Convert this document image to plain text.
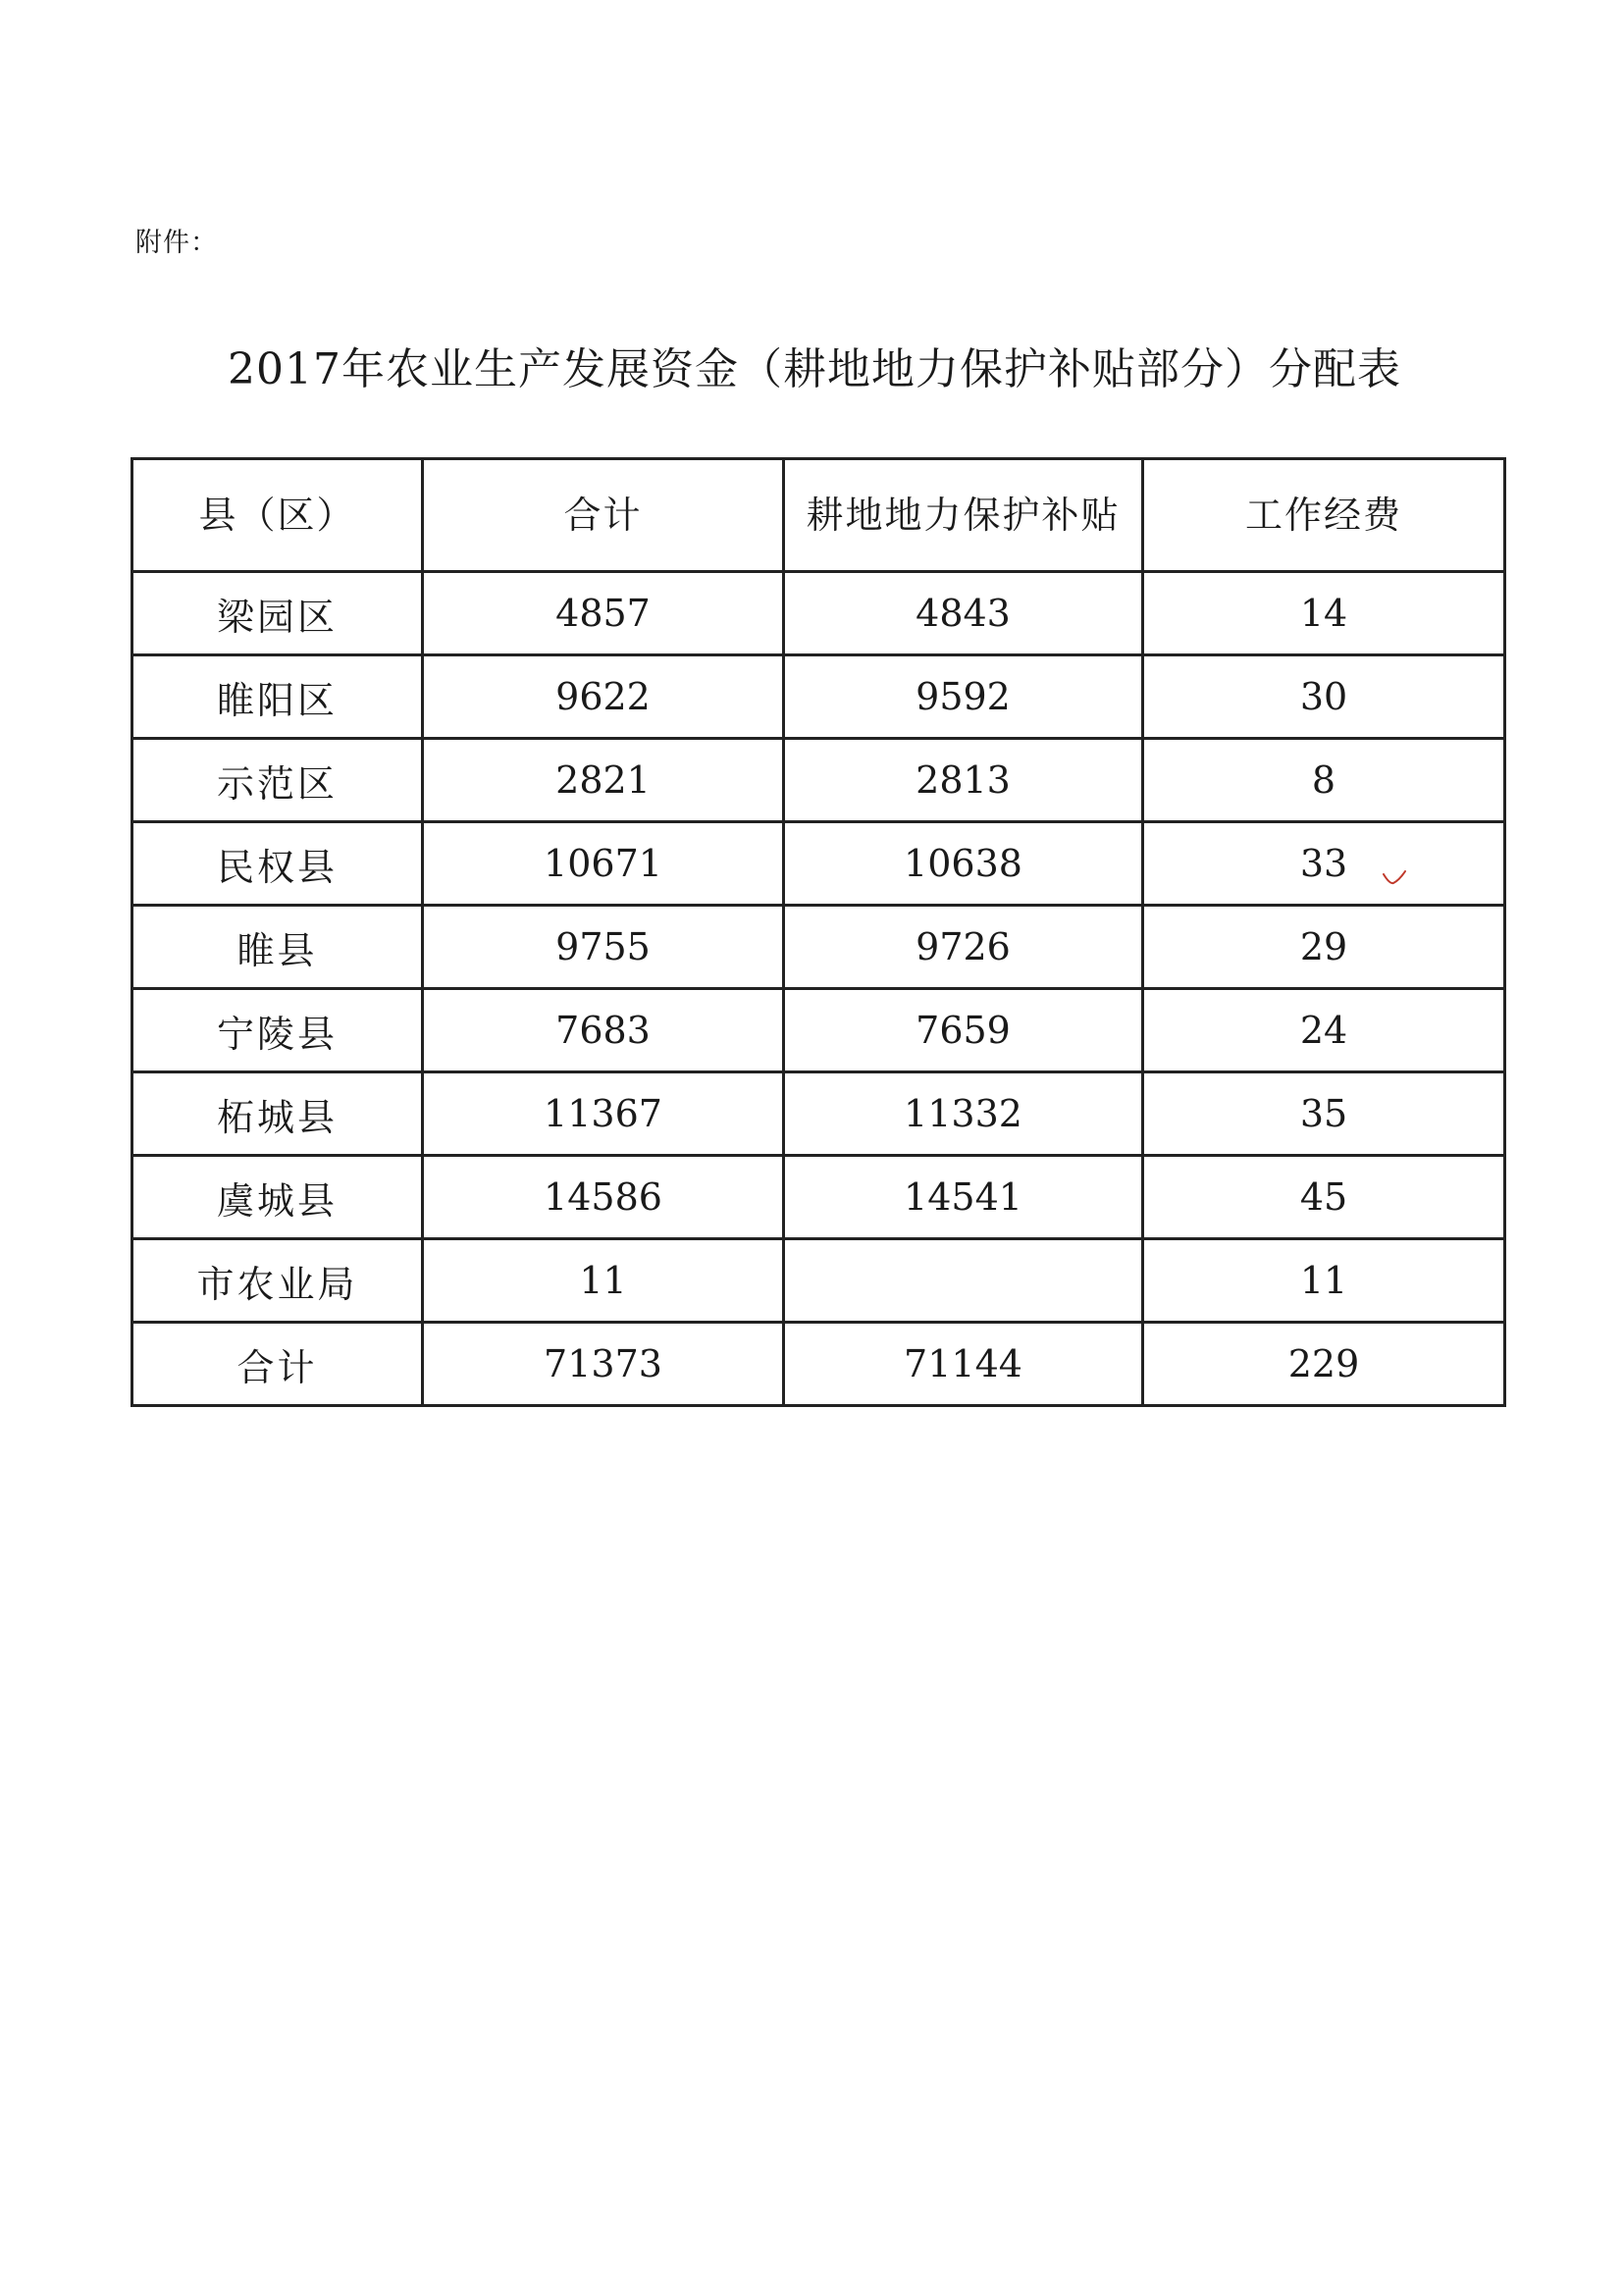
附件：
2017年农业生产发展资金（耕地地力保护补贴部分）分配表
县（区）	合计	耕地地力保护补贴	工作经费
梁园区	4857	4843	14
睢阳区	9622	9592	30
示范区	2821	2813	8
民权县	10671	10638	33
睢县	9755	9726	29
宁陵县	7683	7659	24
柘城县	11367	11332	35
虞城县	14586	14541	45
市农业局	11		11
合计	71373	71144	229
